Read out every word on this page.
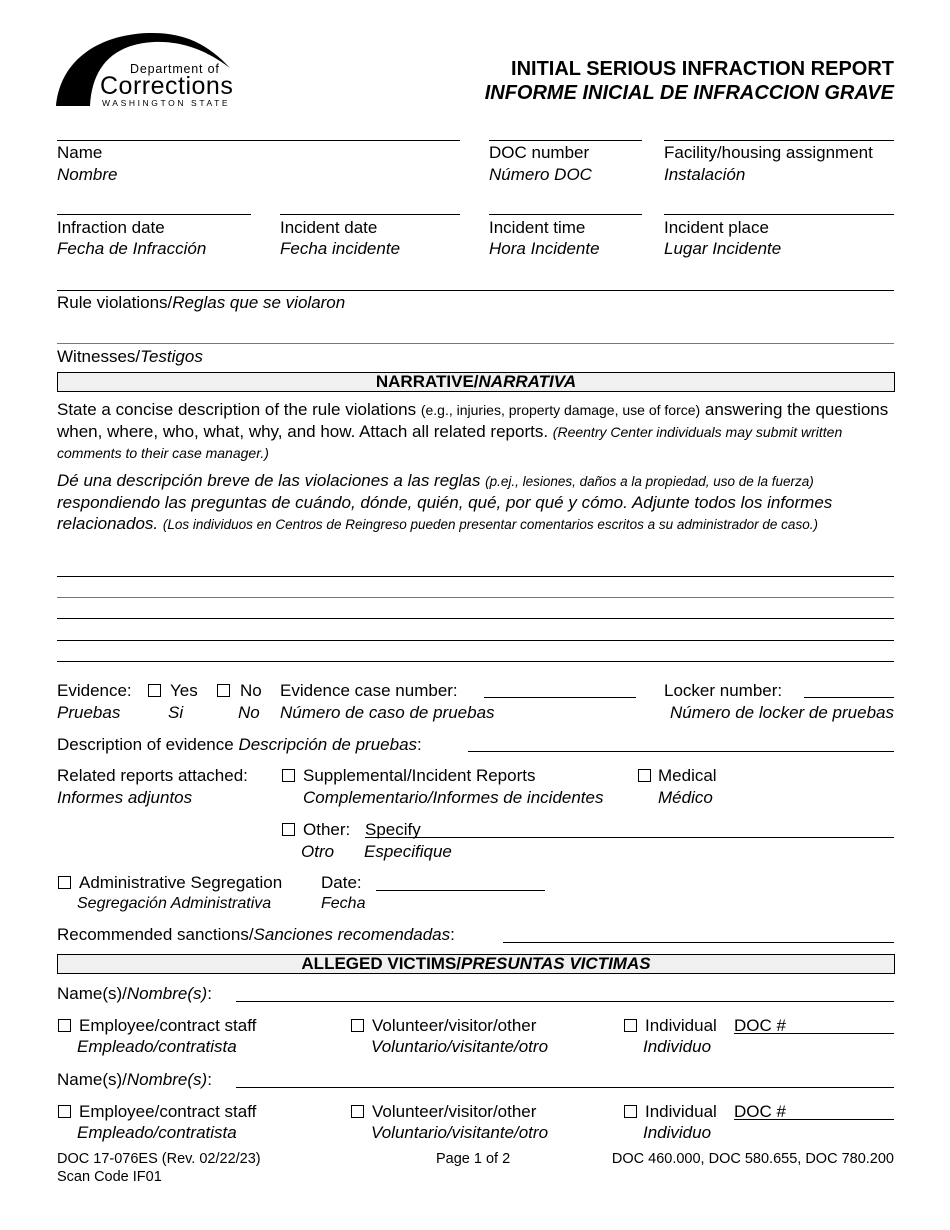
Department of
Corrections
WASHINGTON STATE
INITIAL SERIOUS INFRACTION REPORT
INFORME INICIAL DE INFRACCION GRAVE
Name
Nombre
DOC number
Número DOC
Facility/housing assignment
Instalación
Infraction date
Fecha de Infracción
Incident date
Fecha incidente
Incident time
Hora Incidente
Incident place
Lugar Incidente
Rule violations/Reglas que se violaron
Witnesses/Testigos
NARRATIVE/NARRATIVA
State a concise description of the rule violations (e.g., injuries, property damage, use of force) answering the questions when, where, who, what, why, and how. Attach all related reports. (Reentry Center individuals may submit written comments to their case manager.)
Dé una descripción breve de las violaciones a las reglas (p.ej., lesiones, daños a la propiedad, uso de la fuerza) respondiendo las preguntas de cuándo, dónde, quién, qué, por qué y cómo. Adjunte todos los informes relacionados. (Los individuos en Centros de Reingreso pueden presentar comentarios escritos a su administrador de caso.)
Evidence:
Pruebas
Yes
Si
No
No
Evidence case number:
Número de caso de pruebas
Locker number:
Número de locker de pruebas
Description of evidence Descripción de pruebas:
Related reports attached:
Informes adjuntos
Supplemental/Incident Reports
Complementario/Informes de incidentes
Medical
Médico
Other:
Otro
Specify
Especifique
Administrative Segregation
Segregación Administrativa
Date:
Fecha
Recommended sanctions/Sanciones recomendadas:
ALLEGED VICTIMS/PRESUNTAS VICTIMAS
Name(s)/Nombre(s):
Employee/contract staff
Empleado/contratista
Volunteer/visitor/other
Voluntario/visitante/otro
Individual
Individuo
DOC #
Name(s)/Nombre(s):
Employee/contract staff
Empleado/contratista
Volunteer/visitor/other
Voluntario/visitante/otro
Individual
Individuo
DOC #
DOC 17-076ES (Rev. 02/22/23)
Scan Code IF01
Page 1 of 2	DOC 460.000, DOC 580.655, DOC 780.200
